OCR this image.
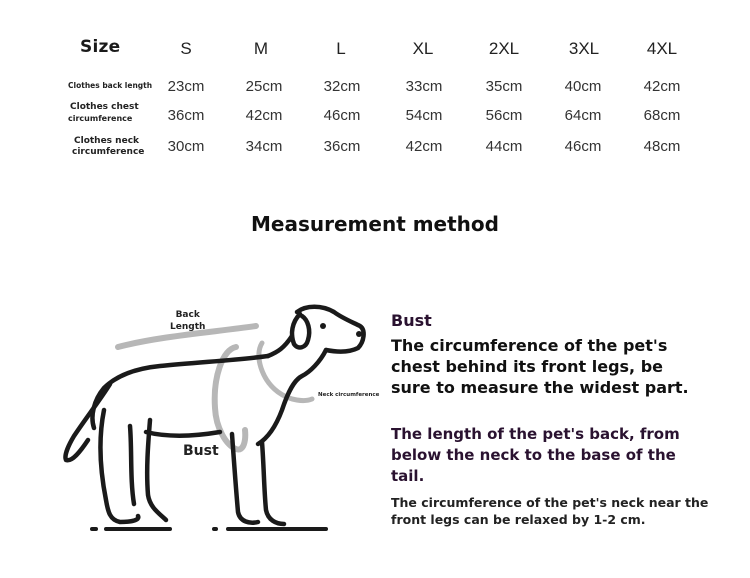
Size	S	M	L	XL	2XL	3XL	4XL
Clothes back length	23cm	25cm	32cm	33cm	35cm	40cm	42cm
Clothes chest
circumference	36cm	42cm	46cm	54cm	56cm	64cm	68cm
Clothes neck
circumference	30cm	34cm	36cm	42cm	44cm	46cm	48cm
Measurement method
Back
Length
Neck circumference
Bust
Bust
The circumference of the pet's chest behind its front legs, be sure to measure the widest part.
The length of the pet's back, from below the neck to the base of the tail.
The circumference of the pet's neck near the front legs can be relaxed by 1-2 cm.
